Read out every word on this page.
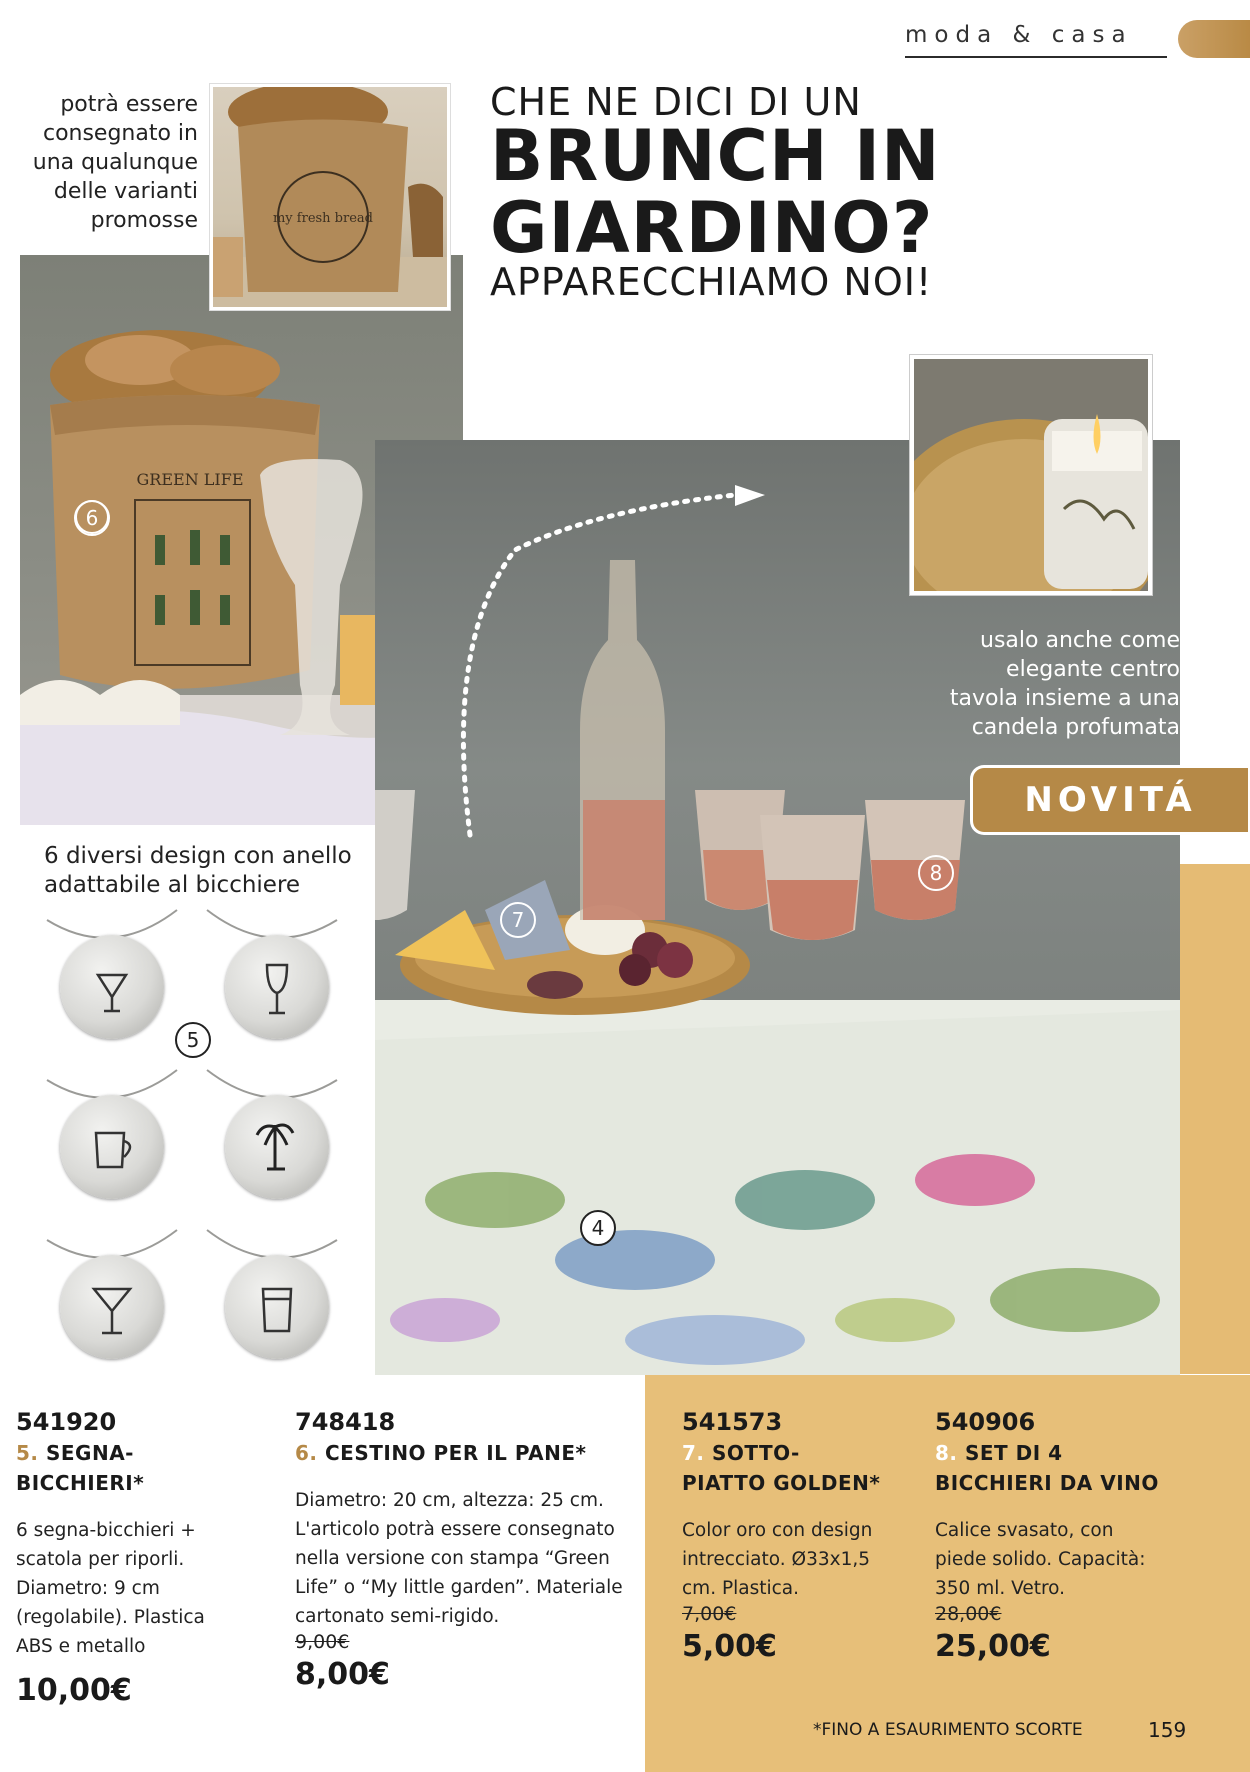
moda & casa
CHE NE DICI DI UN
BRUNCH IN
GIARDINO?
APPARECCHIAMO NOI!
potrà essere
consegnato in
una qualunque
delle varianti
promosse
GREEN LIFE
6
my fresh bread
7
8
4
usalo anche come
elegante centro
tavola insieme a una
candela profumata
NOVITÁ
6 diversi design con anello
adattabile al bicchiere
5
541920
5. SEGNA-
BICCHIERI*
6 segna-bicchieri +
scatola per riporli.
Diametro: 9 cm
(regolabile). Plastica
ABS e metallo
10,00€
748418
6. CESTINO PER IL PANE*
Diametro: 20 cm, altezza: 25 cm.
L'articolo potrà essere consegnato
nella versione con stampa “Green
Life” o “My little garden”. Materiale
cartonato semi-rigido.
9,00€
8,00€
541573
7. SOTTO-
PIATTO GOLDEN*
Color oro con design
intrecciato. Ø33x1,5
cm. Plastica.
7,00€
5,00€
540906
8. SET DI 4
BICCHIERI DA VINO
Calice svasato, con
piede solido. Capacità:
350 ml. Vetro.
28,00€
25,00€
*FINO A ESAURIMENTO SCORTE	159
